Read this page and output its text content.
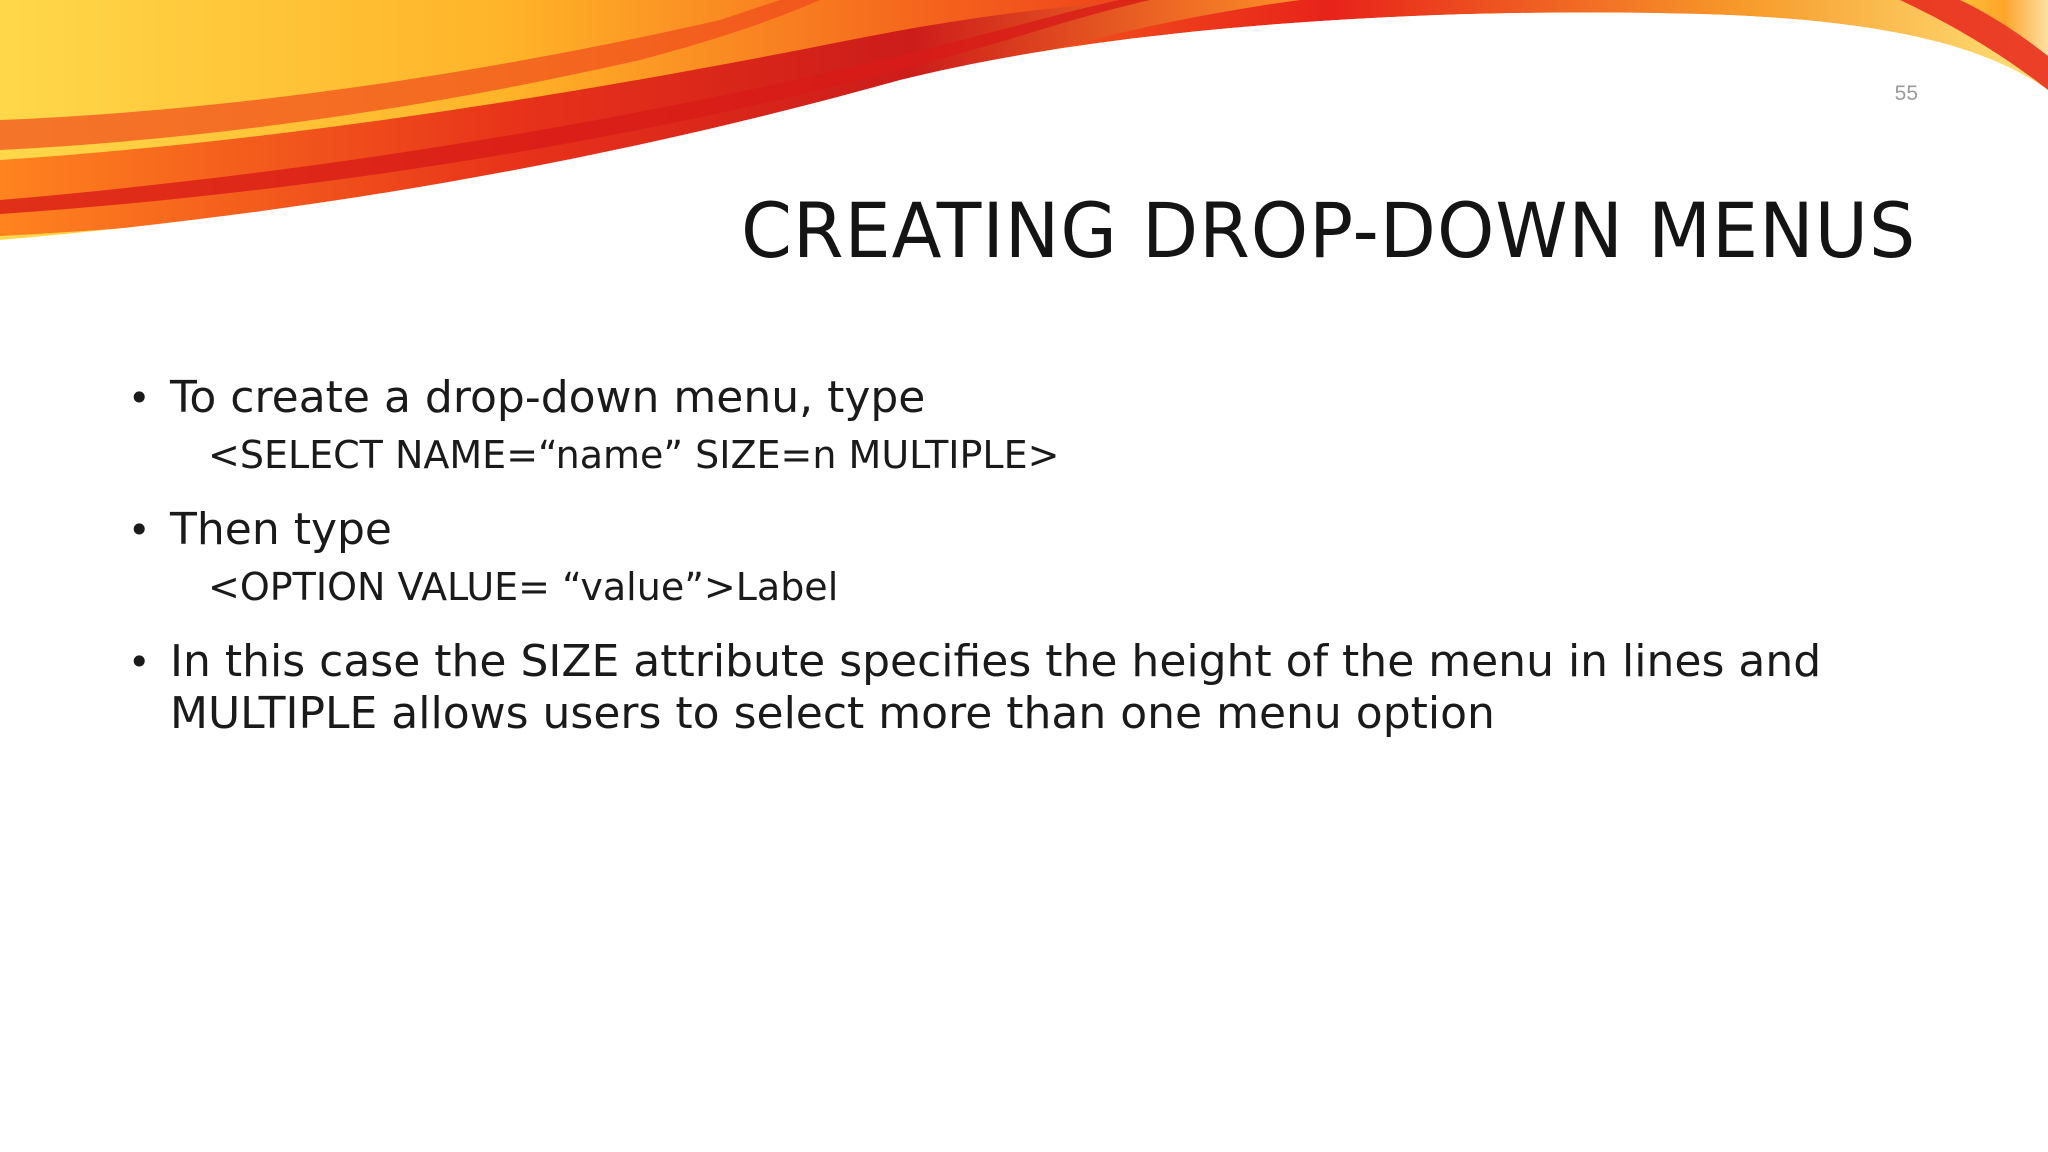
55
CREATING DROP-DOWN MENUS
• To create a drop-down menu, type
<SELECT NAME=“name” SIZE=n MULTIPLE>
• Then type
<OPTION VALUE= “value”>Label
• In this case the SIZE attribute specifies the height of the menu in lines and MULTIPLE allows users to select more than one menu option
